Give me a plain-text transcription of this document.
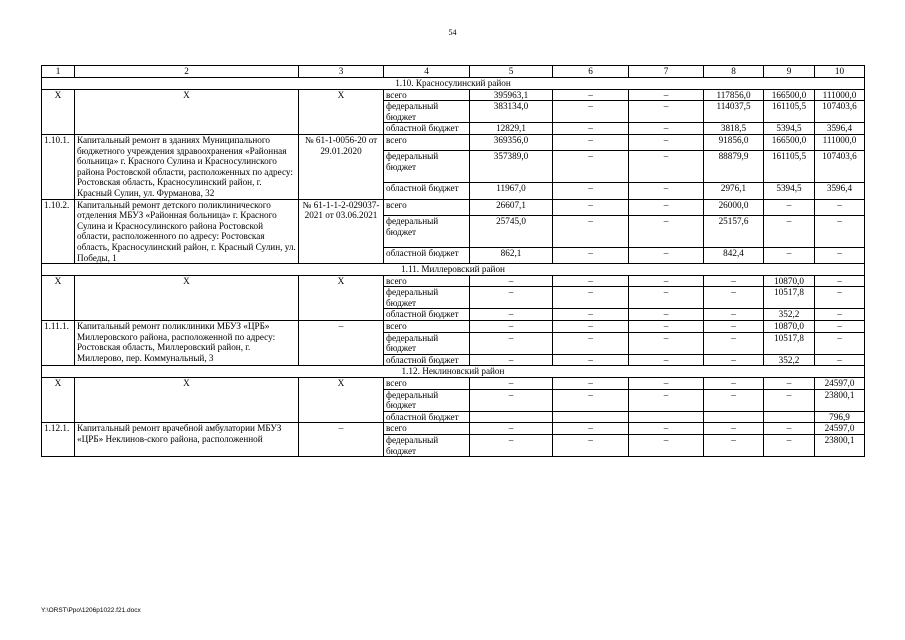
54
1	2	3	4	5	6	7	8	9	10
1.10. Красносулинский район									
Х	Х	Х	всего	395963,1	–	–	117856,0	166500,0	111000,0
			федеральный бюджет	383134,0	–	–	114037,5	161105,5	107403,6
			областной бюджет	12829,1	–	–	3818,5	5394,5	3596,4
1.10.1.	Капитальный ремонт в зданиях Муниципального бюджетного учреждения здравоохранения «Районная больница» г. Красного Сулина и Красносулинского района Ростовской области, расположенных по адресу: Ростовская область, Красносулинский район, г. Красный Сулин, ул. Фурманова, 32	№ 61-1-0056-20 от 29.01.2020	всего	369356,0	–	–	91856,0	166500,0	111000,0
			федеральный бюджет	357389,0	–	–	88879,9	161105,5	107403,6
			областной бюджет	11967,0	–	–	2976,1	5394,5	3596,4
1.10.2.	Капитальный ремонт детского поликлинического отделения МБУЗ «Районная больница» г. Красного Сулина и Красносулинского района Ростовской области, расположенного по адресу: Ростовская область, Красносулинский район, г. Красный Сулин, ул. Победы, 1	№ 61-1-1-2-029037-2021 от 03.06.2021	всего	26607,1	–	–	26000,0	–	–
			федеральный бюджет	25745,0	–	–	25157,6	–	–
			областной бюджет	862,1	–	–	842,4	–	–
1.11. Миллеровский район									
Х	Х	Х	всего	–	–	–	–	10870,0	–
			федеральный бюджет	–	–	–	–	10517,8	–
			областной бюджет	–	–	–	–	352,2	–
1.11.1.	Капитальный ремонт поликлиники МБУЗ «ЦРБ» Миллеровского района, расположенной по адресу: Ростовская область, Миллеровский район, г. Миллерово, пер. Коммунальный, 3	–	всего	–	–	–	–	10870,0	–
			федеральный бюджет	–	–	–	–	10517,8	–
			областной бюджет	–	–	–	–	352,2	–
1.12. Неклиновский район									
Х	Х	Х	всего	–	–	–	–	–	24597,0
			федеральный бюджет	–	–	–	–	–	23800,1
			областной бюджет						796,9
1.12.1.	Капитальный ремонт врачебной амбулатории МБУЗ «ЦРБ» Неклинов-ского района, расположенной	–	всего	–	–	–	–	–	24597,0
			федеральный бюджет	–	–	–	–	–	23800,1
Y:\ORST\Ppo\1206p1022.f21.docx
